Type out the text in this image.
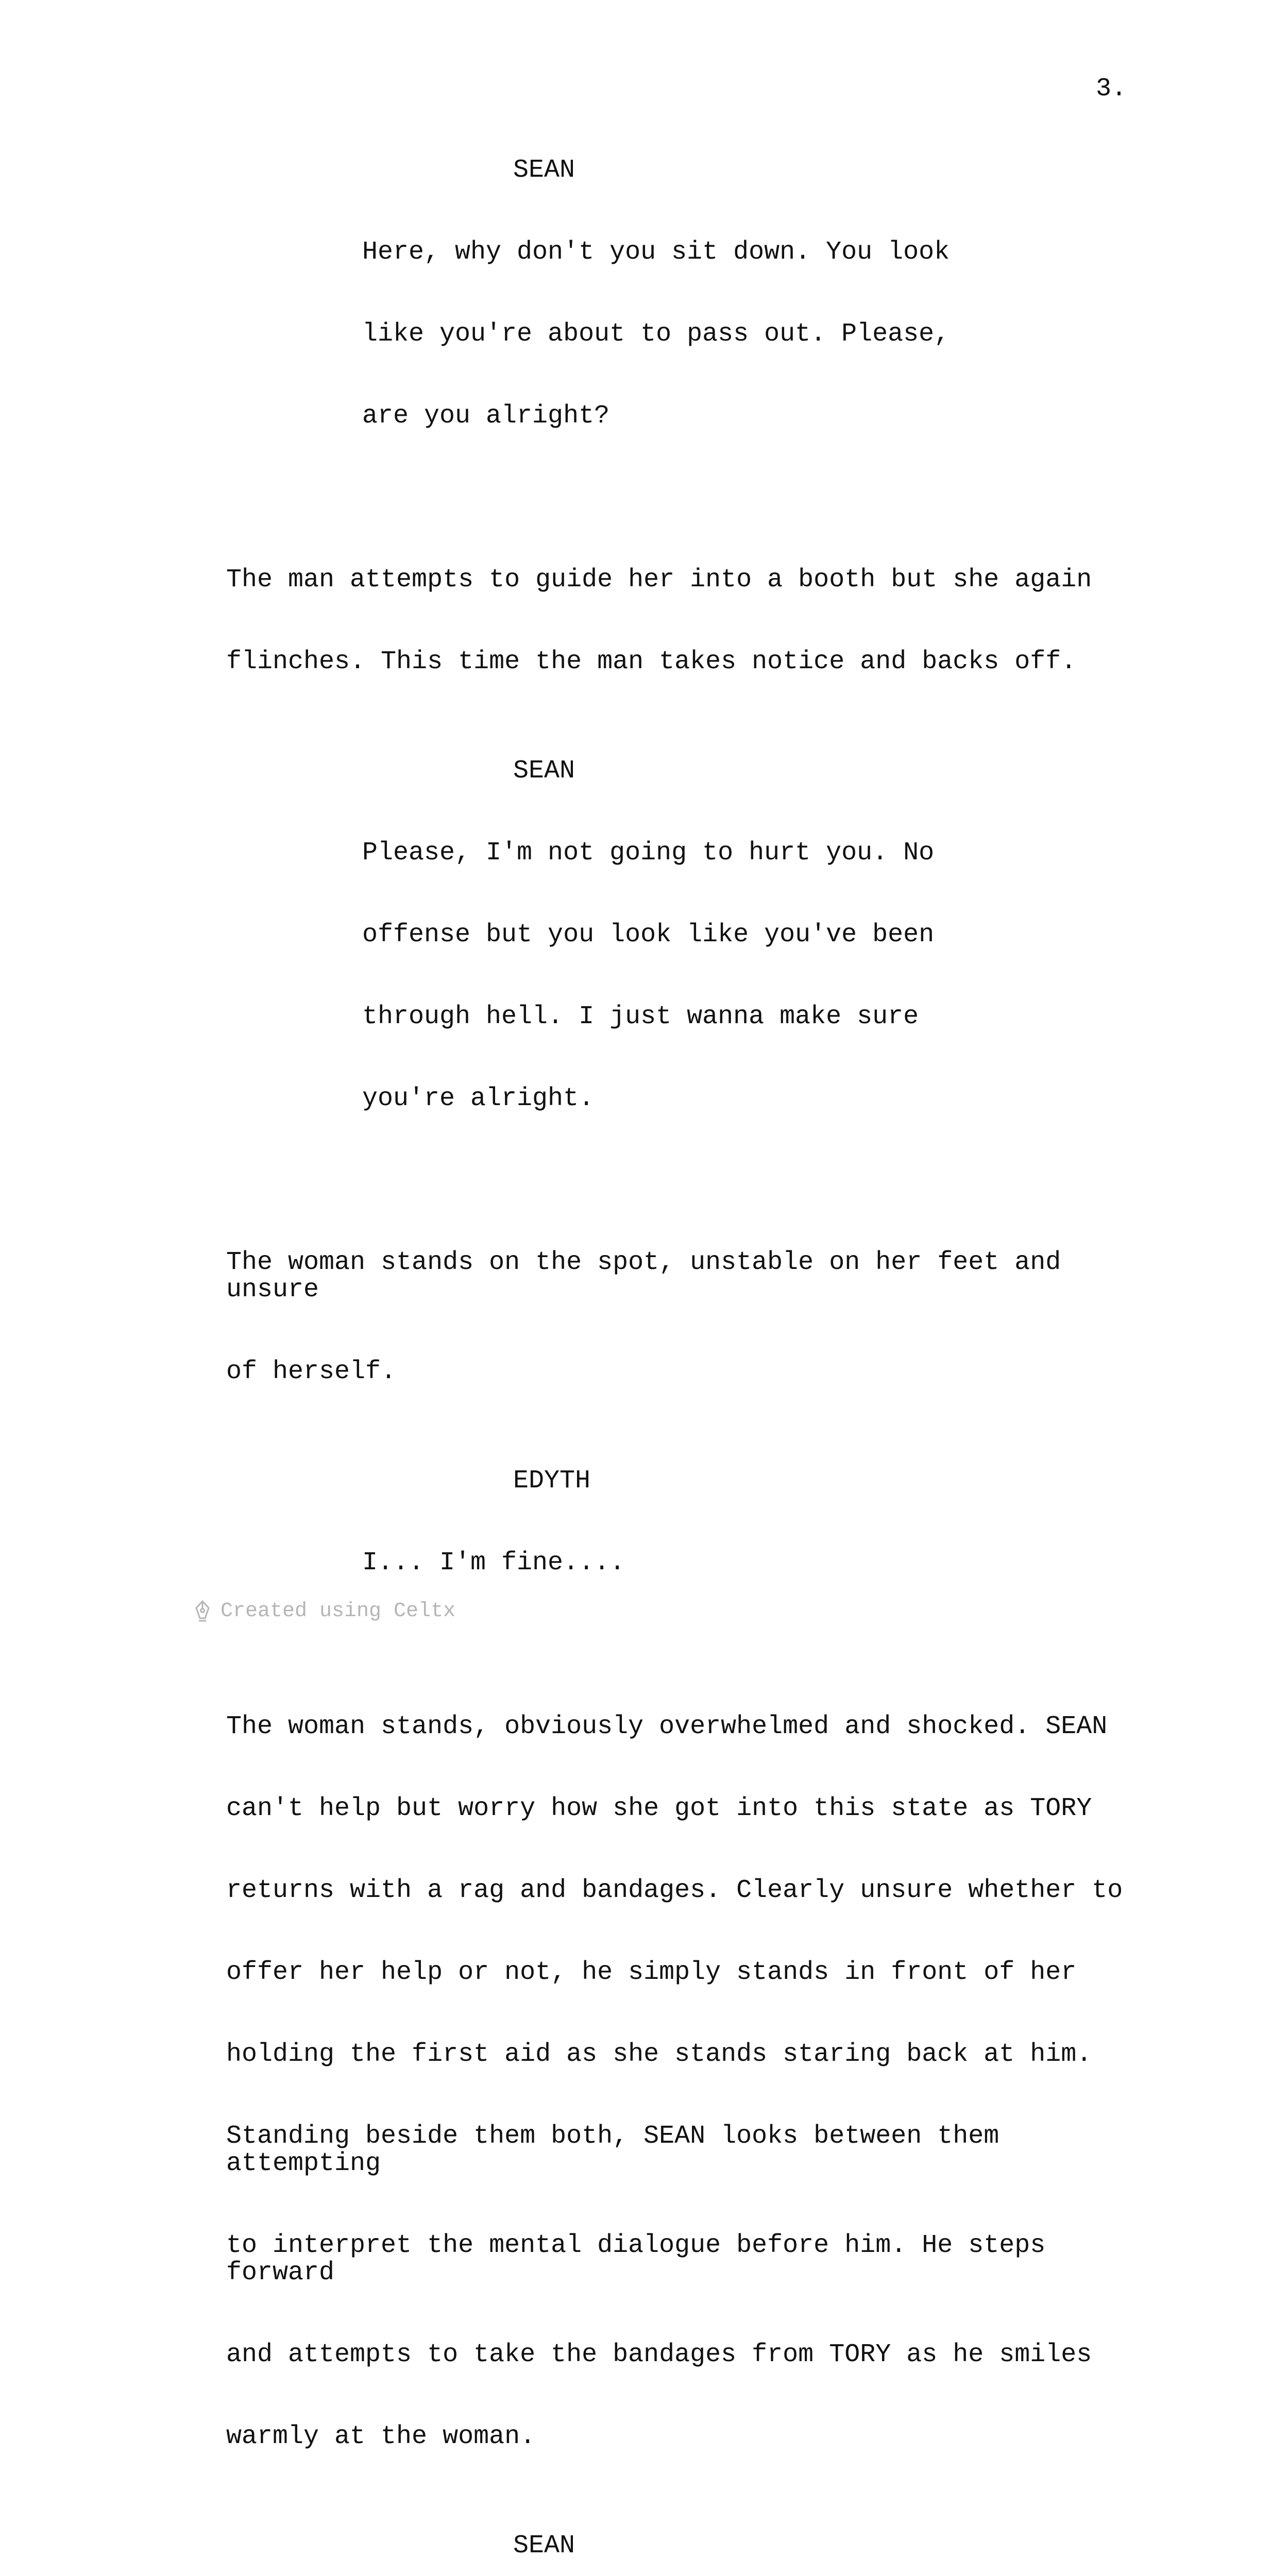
3.
SEAN

Here, why don't you sit down. You look

like you're about to pass out. Please,

are you alright?

The man attempts to guide her into a booth but she again

flinches. This time the man takes notice and backs off.

SEAN

Please, I'm not going to hurt you. No

offense but you look like you've been

through hell. I just wanna make sure

you're alright.

The woman stands on the spot, unstable on her feet and unsure

of herself.

EDYTH

I... I'm fine....

The woman stands, obviously overwhelmed and shocked. SEAN

can't help but worry how she got into this state as TORY

returns with a rag and bandages. Clearly unsure whether to

offer her help or not, he simply stands in front of her

holding the first aid as she stands staring back at him.

Standing beside them both, SEAN looks between them attempting

to interpret the mental dialogue before him. He steps forward

and attempts to take the bandages from TORY as he smiles

warmly at the woman.

SEAN

Created using Celtx
